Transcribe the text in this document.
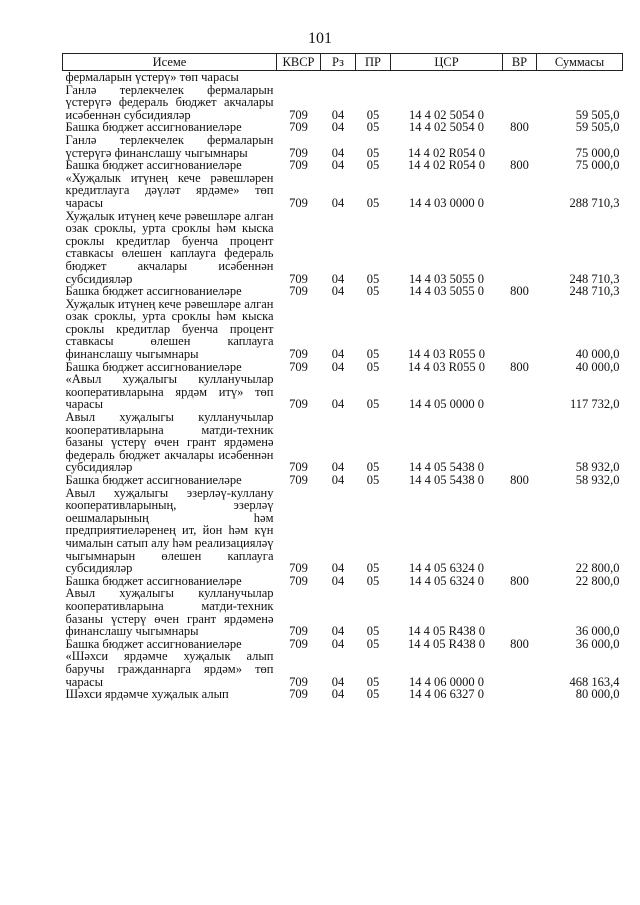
101
Исеме	КВСР	Рз	ПР	ЦСР	ВР	Суммасы
фермаларын үстерү» төп чарасы						
Ганлә терлекчелек фермаларын үстерүгә федераль бюджет акчалары исәбеннән субсидияләр	709	04	05	14 4 02 5054 0		59 505,0
Башка бюджет ассигнованиеләре	709	04	05	14 4 02 5054 0	800	59 505,0
Ганлә терлекчелек фермаларын үстерүгә финанслашу чыгымнары	709	04	05	14 4 02 R054 0		75 000,0
Башка бюджет ассигнованиеләре	709	04	05	14 4 02 R054 0	800	75 000,0
«Хуҗалык итүнең кече рәвешләрен кредитлауга дәүләт ярдәме» төп чарасы	709	04	05	14 4 03 0000 0		288 710,3
Хуҗалык итүнең кече рәвешләре алган озак сроклы, урта сроклы һәм кыска сроклы кредитлар буенча процент ставкасы өлешен каплауга федераль бюджет акчалары исәбеннән субсидияләр	709	04	05	14 4 03 5055 0		248 710,3
Башка бюджет ассигнованиеләре	709	04	05	14 4 03 5055 0	800	248 710,3
Хуҗалык итүнең кече рәвешләре алган озак сроклы, урта сроклы һәм кыска сроклы кредитлар буенча процент ставкасы өлешен каплауга финанслашу чыгымнары	709	04	05	14 4 03 R055 0		40 000,0
Башка бюджет ассигнованиеләре	709	04	05	14 4 03 R055 0	800	40 000,0
«Авыл хуҗалыгы кулланучылар кооперативларына ярдәм итү» төп чарасы	709	04	05	14 4 05 0000 0		117 732,0
Авыл хуҗалыгы кулланучылар кооперативларына матди-техник базаны үстерү өчен грант ярдәменә федераль бюджет акчалары исәбеннән субсидияләр	709	04	05	14 4 05 5438 0		58 932,0
Башка бюджет ассигнованиеләре	709	04	05	14 4 05 5438 0	800	58 932,0
Авыл хуҗалыгы эзерләү-куллану кооперативларының, эзерләү оешмаларының һәм предприятиеләренең ит, йон һәм күн чималын сатып алу һәм реализацияләү чыгымнарын өлешен каплауга субсидияләр	709	04	05	14 4 05 6324 0		22 800,0
Башка бюджет ассигнованиеләре	709	04	05	14 4 05 6324 0	800	22 800,0
Авыл хуҗалыгы кулланучылар кооперативларына матди-техник базаны үстерү өчен грант ярдәменә финанслашу чыгымнары	709	04	05	14 4 05 R438 0		36 000,0
Башка бюджет ассигнованиеләре	709	04	05	14 4 05 R438 0	800	36 000,0
«Шәхси ярдәмче хуҗалык алып баручы гражданнарга ярдәм» төп чарасы	709	04	05	14 4 06 0000 0		468 163,4
Шәхси ярдәмче хуҗалык алып	709	04	05	14 4 06 6327 0		80 000,0
